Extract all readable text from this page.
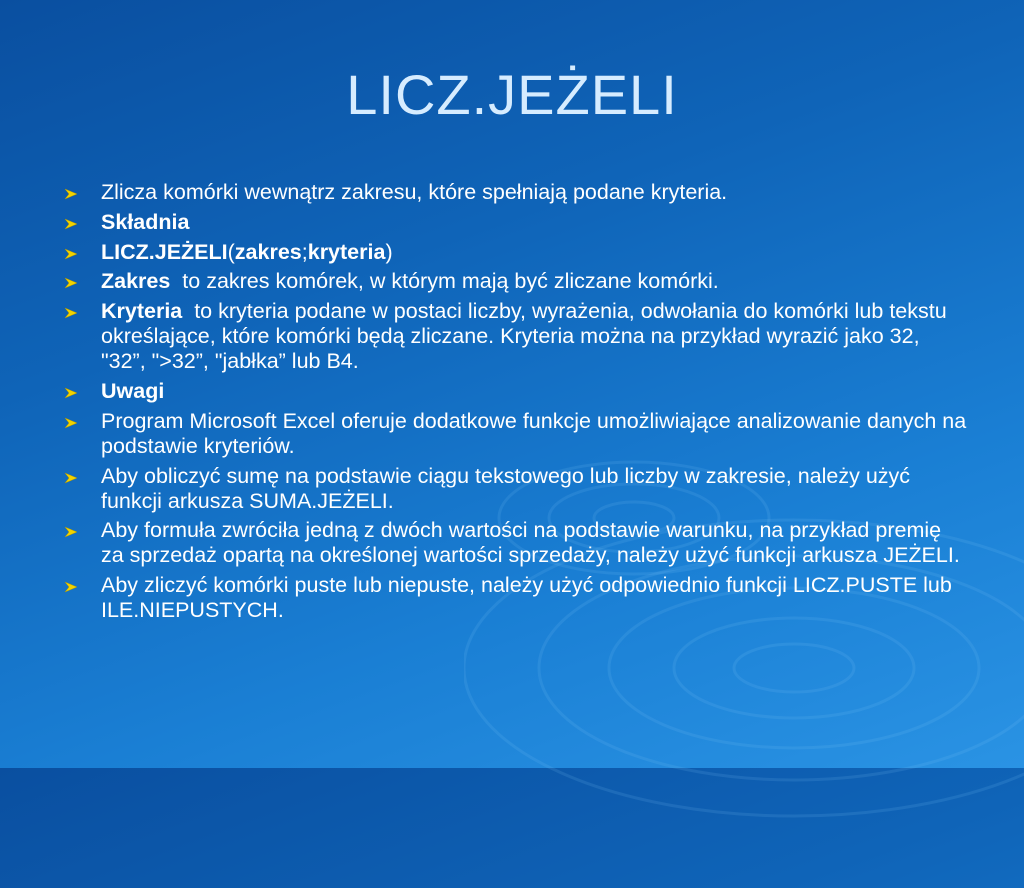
LICZ.JEŻELI
Zlicza komórki wewnątrz zakresu, które spełniają podane kryteria.
Składnia
LICZ.JEŻELI(zakres;kryteria)
Zakres  to zakres komórek, w którym mają być zliczane komórki.
Kryteria  to kryteria podane w postaci liczby, wyrażenia, odwołania do komórki lub tekstu określające, które komórki będą zliczane. Kryteria można na przykład wyrazić jako 32, "32”, ">32”, "jabłka” lub B4.
Uwagi
Program Microsoft Excel oferuje dodatkowe funkcje umożliwiające analizowanie danych na podstawie kryteriów.
Aby obliczyć sumę na podstawie ciągu tekstowego lub liczby w zakresie, należy użyć funkcji arkusza SUMA.JEŻELI.
Aby formuła zwróciła jedną z dwóch wartości na podstawie warunku, na przykład premię za sprzedaż opartą na określonej wartości sprzedaży, należy użyć funkcji arkusza JEŻELI.
Aby zliczyć komórki puste lub niepuste, należy użyć odpowiednio funkcji LICZ.PUSTE lub ILE.NIEPUSTYCH.
